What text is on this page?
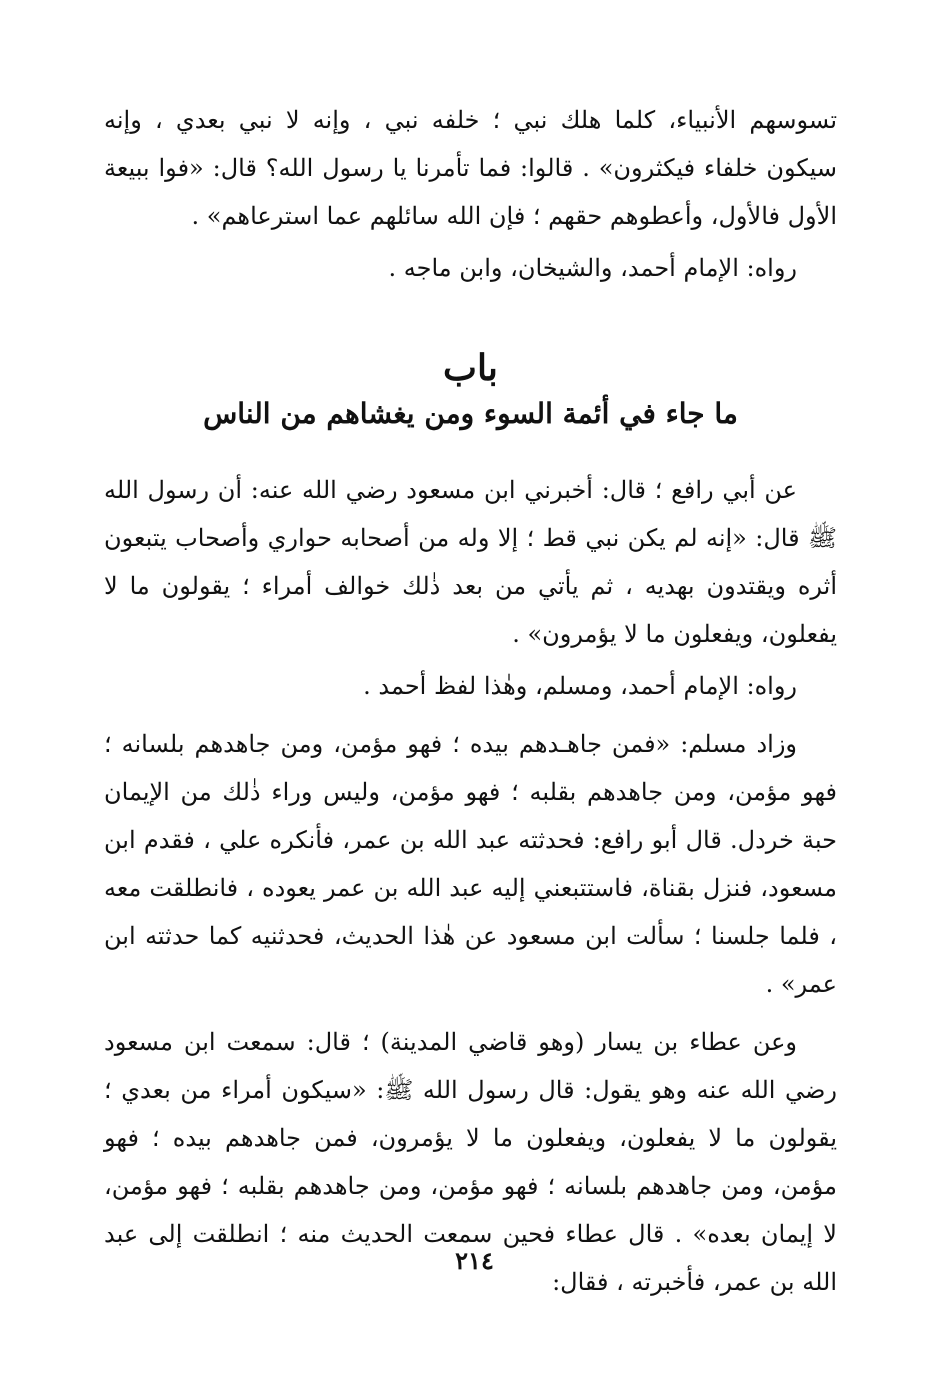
تسوسهم الأنبياء، كلما هلك نبي ؛ خلفه نبي ، وإنه لا نبي بعدي ، وإنه سيكون خلفاء فيكثرون» . قالوا: فما تأمرنا يا رسول الله؟ قال: «فوا ببيعة الأول فالأول، وأعطوهم حقهم ؛ فإن الله سائلهم عما استرعاهم» .

رواه: الإمام أحمد، والشيخان، وابن ماجه .

باب
ما جاء في أئمة السوء ومن يغشاهم من الناس

عن أبي رافع ؛ قال: أخبرني ابن مسعود رضي الله عنه: أن رسول الله ﷺ قال: «إنه لم يكن نبي قط ؛ إلا وله من أصحابه حواري وأصحاب يتبعون أثره ويقتدون بهديه ، ثم يأتي من بعد ذٰلك خوالف أمراء ؛ يقولون ما لا يفعلون، ويفعلون ما لا يؤمرون» .

رواه: الإمام أحمد، ومسلم، وهٰذا لفظ أحمد .

وزاد مسلم: «فمن جاهـدهم بيده ؛ فهو مؤمن، ومن جاهدهم بلسانه ؛ فهو مؤمن، ومن جاهدهم بقلبه ؛ فهو مؤمن، وليس وراء ذٰلك من الإيمان حبة خردل. قال أبو رافع: فحدثته عبد الله بن عمر، فأنكره علي ، فقدم ابن مسعود، فنزل بقناة، فاستتبعني إليه عبد الله بن عمر يعوده ، فانطلقت معه ، فلما جلسنا ؛ سألت ابن مسعود عن هٰذا الحديث، فحدثنيه كما حدثته ابن عمر» .

وعن عطاء بن يسار (وهو قاضي المدينة) ؛ قال: سمعت ابن مسعود رضي الله عنه وهو يقول: قال رسول الله ﷺ: «سيكون أمراء من بعدي ؛ يقولون ما لا يفعلون، ويفعلون ما لا يؤمرون، فمن جاهدهم بيده ؛ فهو مؤمن، ومن جاهدهم بلسانه ؛ فهو مؤمن، ومن جاهدهم بقلبه ؛ فهو مؤمن، لا إيمان بعده» . قال عطاء فحين سمعت الحديث منه ؛ انطلقت إلى عبد الله بن عمر، فأخبرته ، فقال:

٢١٤
